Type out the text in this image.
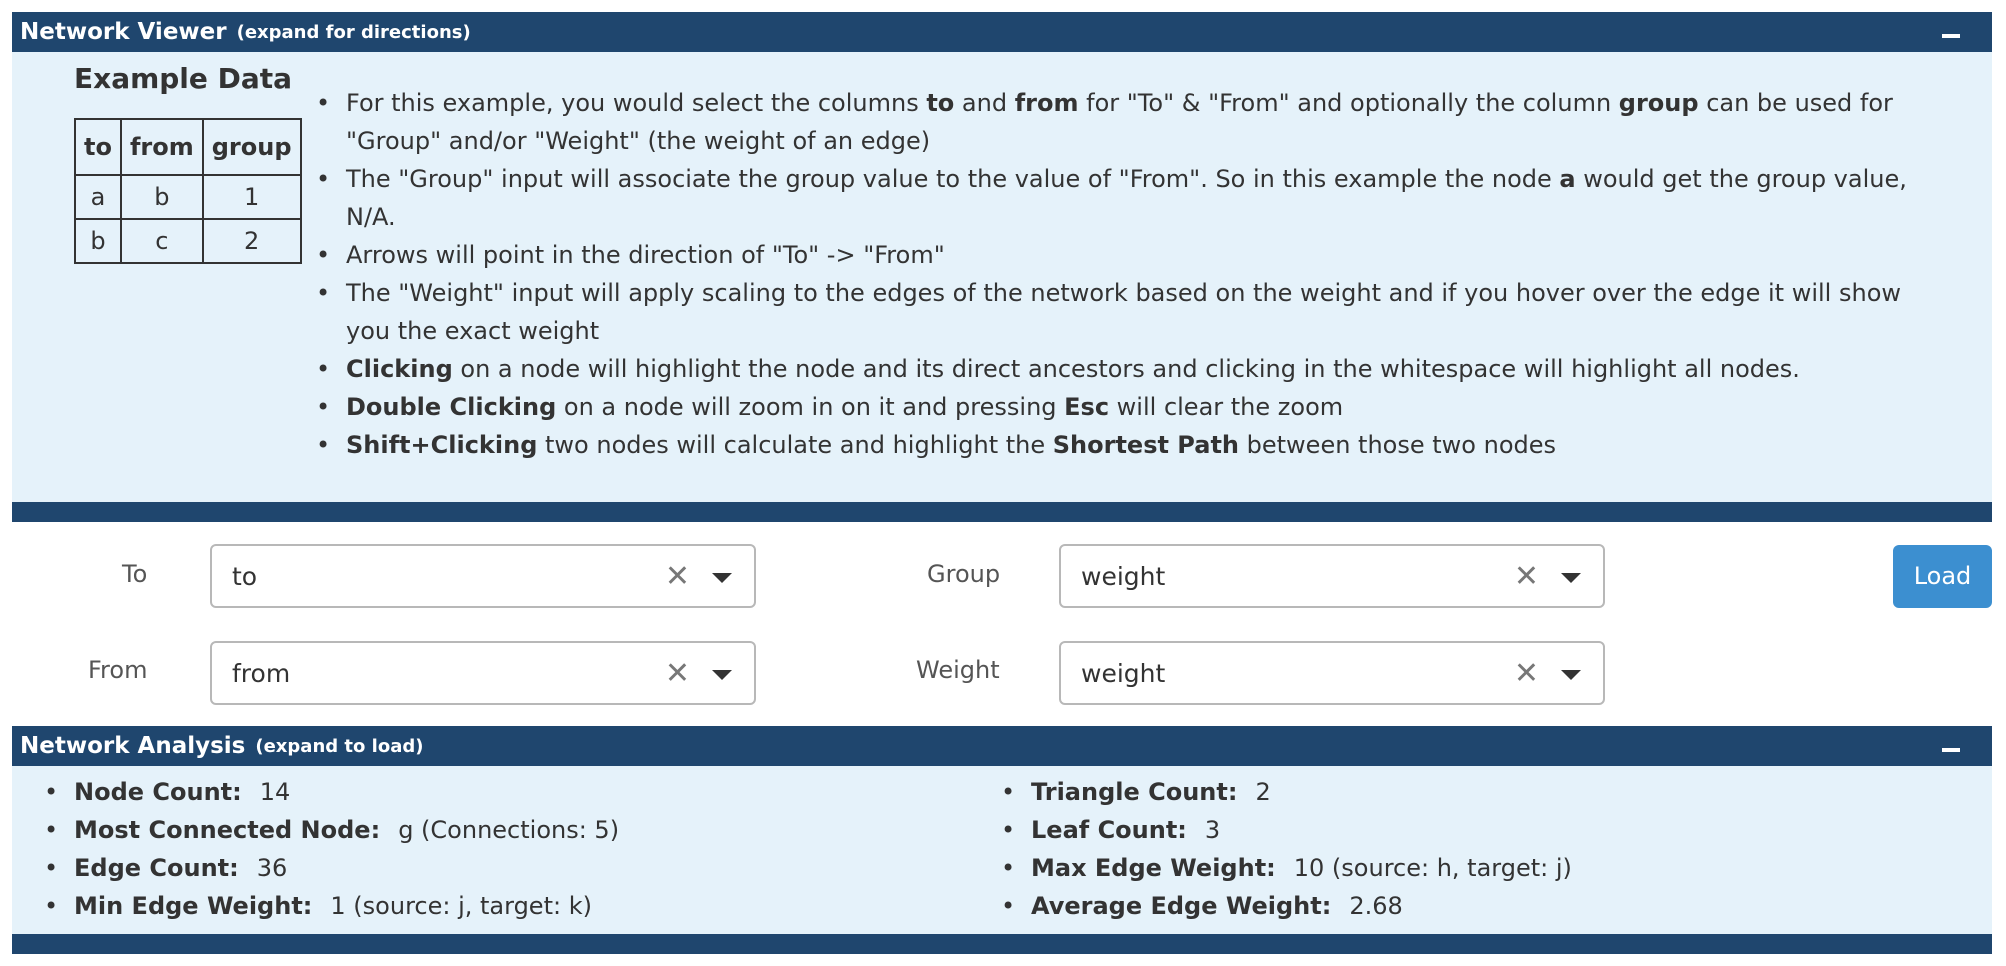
Network Viewer (expand for directions)
Example Data
to	from	group
a	b	1
b	c	2
• For this example, you would select the columns to and from for "To" & "From" and optionally the column group can be used for "Group" and/or "Weight" (the weight of an edge)
• The "Group" input will associate the group value to the value of "From". So in this example the node a would get the group value, N/A.
• Arrows will point in the direction of "To" -> "From"
• The "Weight" input will apply scaling to the edges of the network based on the weight and if you hover over the edge it will show you the exact weight
• Clicking on a node will highlight the node and its direct ancestors and clicking in the whitespace will highlight all nodes.
• Double Clicking on a node will zoom in on it and pressing Esc will clear the zoom
• Shift+Clicking two nodes will calculate and highlight the Shortest Path between those two nodes
To	to	✕	Group	weight	✕	Load
From	from	✕	Weight	weight	✕
Network Analysis (expand to load)
• Node Count: 14
• Most Connected Node: g (Connections: 5)
• Edge Count: 36
• Min Edge Weight: 1 (source: j, target: k)
• Triangle Count: 2
• Leaf Count: 3
• Max Edge Weight: 10 (source: h, target: j)
• Average Edge Weight: 2.68
